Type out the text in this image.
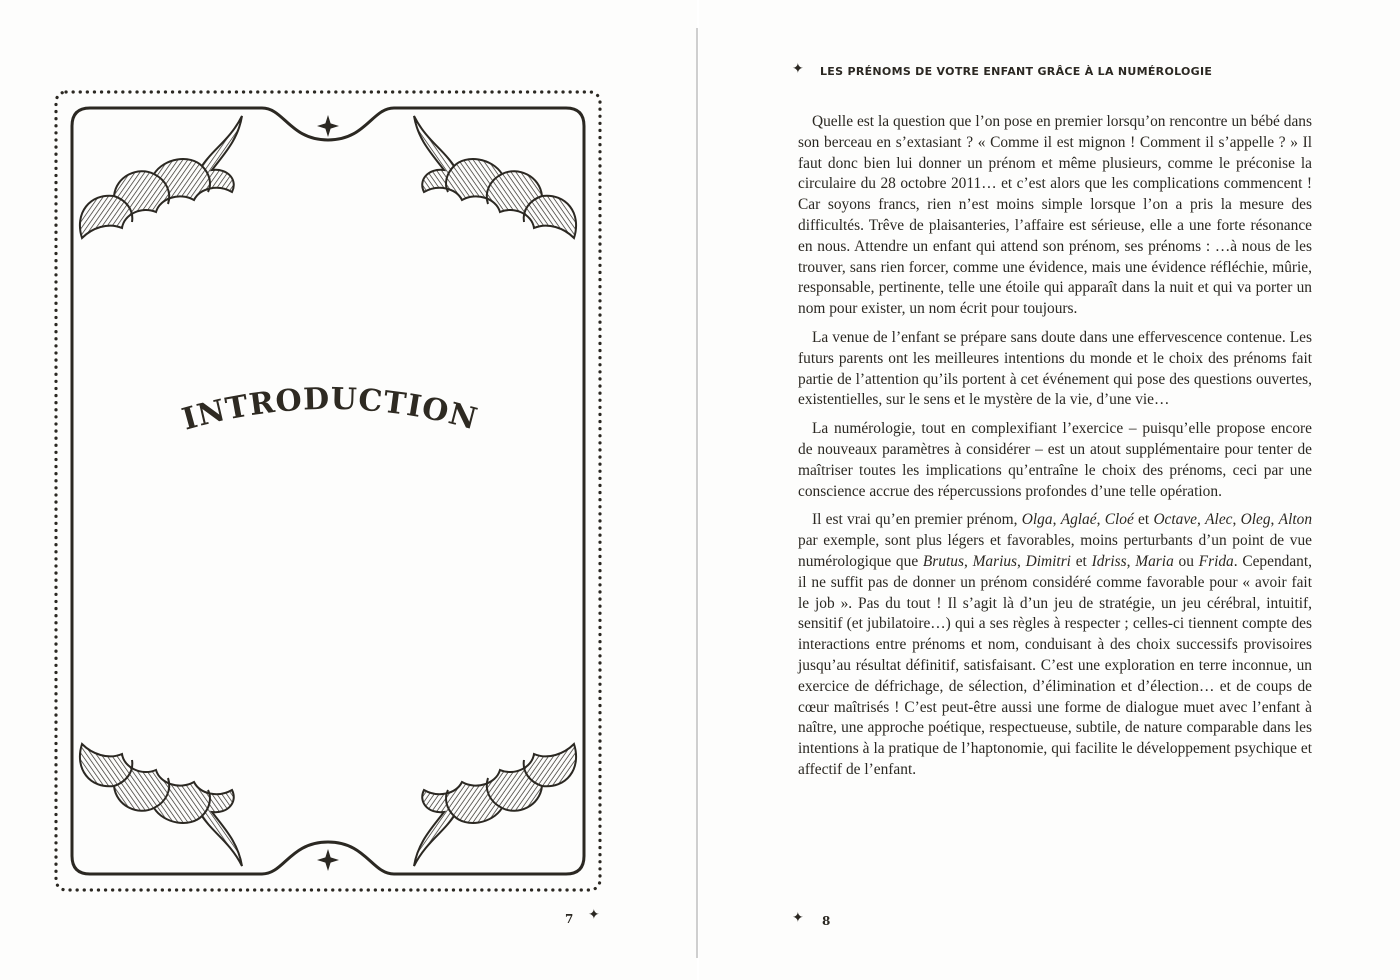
INTRODUCTION
7 ✦
✦ LES PRÉNOMS DE VOTRE ENFANT GRÂCE À LA NUMÉROLOGIE

Quelle est la question que l’on pose en premier lorsqu’on rencontre un bébé dans son berceau en s’extasiant ? « Comme il est mignon ! Comment il s’appelle ? » Il faut donc bien lui donner un prénom et même plusieurs, comme le préconise la circulaire du 28 octobre 2011… et c’est alors que les complications commencent ! Car soyons francs, rien n’est moins simple lorsque l’on a pris la mesure des difficultés. Trêve de plaisanteries, l’affaire est sérieuse, elle a une forte résonance en nous. Attendre un enfant qui attend son prénom, ses prénoms : …à nous de les trouver, sans rien forcer, comme une évidence, mais une évidence réfléchie, mûrie, responsable, pertinente, telle une étoile qui apparaît dans la nuit et qui va porter un nom pour exister, un nom écrit pour toujours.

La venue de l’enfant se prépare sans doute dans une effervescence contenue. Les futurs parents ont les meilleures intentions du monde et le choix des prénoms fait partie de l’attention qu’ils portent à cet événement qui pose des questions ouvertes, existentielles, sur le sens et le mystère de la vie, d’une vie…

La numérologie, tout en complexifiant l’exercice – puisqu’elle propose encore de nouveaux paramètres à considérer – est un atout supplémentaire pour tenter de maîtriser toutes les implications qu’entraîne le choix des prénoms, ceci par une conscience accrue des répercussions profondes d’une telle opération.

Il est vrai qu’en premier prénom, Olga, Aglaé, Cloé et Octave, Alec, Oleg, Alton par exemple, sont plus légers et favorables, moins perturbants d’un point de vue numérologique que Brutus, Marius, Dimitri et Idriss, Maria ou Frida. Cependant, il ne suffit pas de donner un prénom considéré comme favorable pour « avoir fait le job ». Pas du tout ! Il s’agit là d’un jeu de stratégie, un jeu cérébral, intuitif, sensitif (et jubilatoire…) qui a ses règles à respecter ; celles-ci tiennent compte des interactions entre prénoms et nom, conduisant à des choix successifs provisoires jusqu’au résultat définitif, satisfaisant. C’est une exploration en terre inconnue, un exercice de défrichage, de sélection, d’élimination et d’élection… et de coups de cœur maîtrisés ! C’est peut-être aussi une forme de dialogue muet avec l’enfant à naître, une approche poétique, respectueuse, subtile, de nature comparable dans les intentions à la pratique de l’haptonomie, qui facilite le développement psychique et affectif de l’enfant.

✦ 8
